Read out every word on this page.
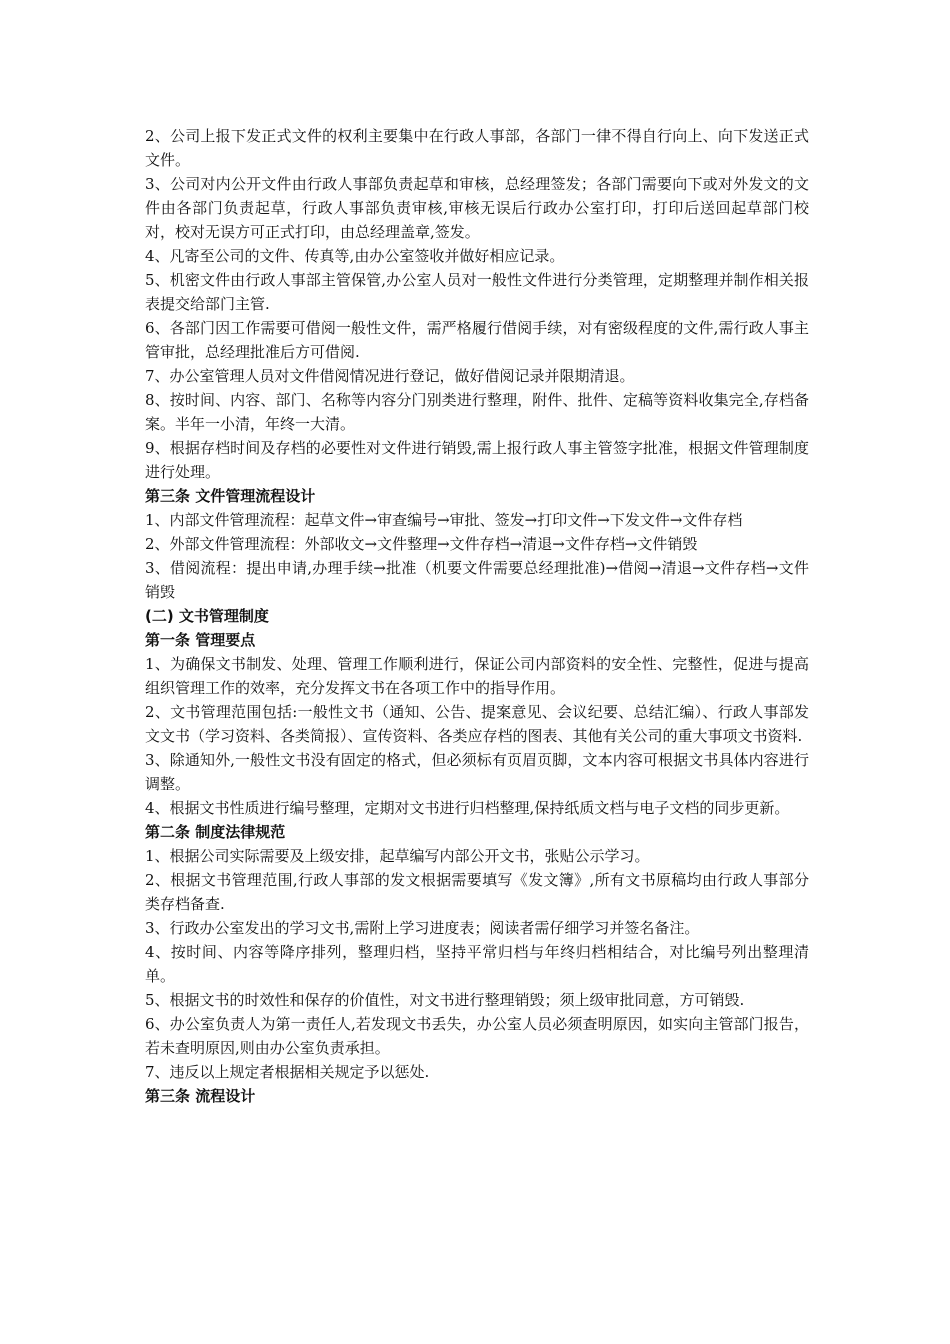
2、公司上报下发正式文件的权利主要集中在行政人事部，各部门一律不得自行向上、向下发送正式文件。

3、公司对内公开文件由行政人事部负责起草和审核，总经理签发；各部门需要向下或对外发文的文件由各部门负责起草，行政人事部负责审核,审核无误后行政办公室打印，打印后送回起草部门校对，校对无误方可正式打印，由总经理盖章,签发。

4、凡寄至公司的文件、传真等,由办公室签收并做好相应记录。

5、机密文件由行政人事部主管保管,办公室人员对一般性文件进行分类管理，定期整理并制作相关报表提交给部门主管.

6、各部门因工作需要可借阅一般性文件，需严格履行借阅手续，对有密级程度的文件,需行政人事主管审批，总经理批准后方可借阅.

7、办公室管理人员对文件借阅情况进行登记，做好借阅记录并限期清退。

8、按时间、内容、部门、名称等内容分门别类进行整理，附件、批件、定稿等资料收集完全,存档备案。半年一小清，年终一大清。

9、根据存档时间及存档的必要性对文件进行销毁,需上报行政人事主管签字批准，根据文件管理制度进行处理。

第三条 文件管理流程设计

1、内部文件管理流程：起草文件→审查编号→审批、签发→打印文件→下发文件→文件存档

2、外部文件管理流程：外部收文→文件整理→文件存档→清退→文件存档→文件销毁

3、借阅流程：提出申请,办理手续→批准（机要文件需要总经理批准)→借阅→清退→文件存档→文件销毁

(二) 文书管理制度

第一条 管理要点

1、为确保文书制发、处理、管理工作顺利进行，保证公司内部资料的安全性、完整性，促进与提高组织管理工作的效率，充分发挥文书在各项工作中的指导作用。

2、文书管理范围包括:一般性文书（通知、公告、提案意见、会议纪要、总结汇编）、行政人事部发文文书（学习资料、各类简报）、宣传资料、各类应存档的图表、其他有关公司的重大事项文书资料.

3、除通知外,一般性文书没有固定的格式，但必须标有页眉页脚，文本内容可根据文书具体内容进行调整。

4、根据文书性质进行编号整理，定期对文书进行归档整理,保持纸质文档与电子文档的同步更新。

第二条 制度法律规范

1、根据公司实际需要及上级安排，起草编写内部公开文书，张贴公示学习。

2、根据文书管理范围,行政人事部的发文根据需要填写《发文簿》,所有文书原稿均由行政人事部分类存档备查.

3、行政办公室发出的学习文书,需附上学习进度表；阅读者需仔细学习并签名备注。

4、按时间、内容等降序排列，整理归档，坚持平常归档与年终归档相结合，对比编号列出整理清单。

5、根据文书的时效性和保存的价值性，对文书进行整理销毁；须上级审批同意，方可销毁.

6、办公室负责人为第一责任人,若发现文书丢失，办公室人员必须查明原因，如实向主管部门报告，若未查明原因,则由办公室负责承担。

7、违反以上规定者根据相关规定予以惩处.

第三条 流程设计
